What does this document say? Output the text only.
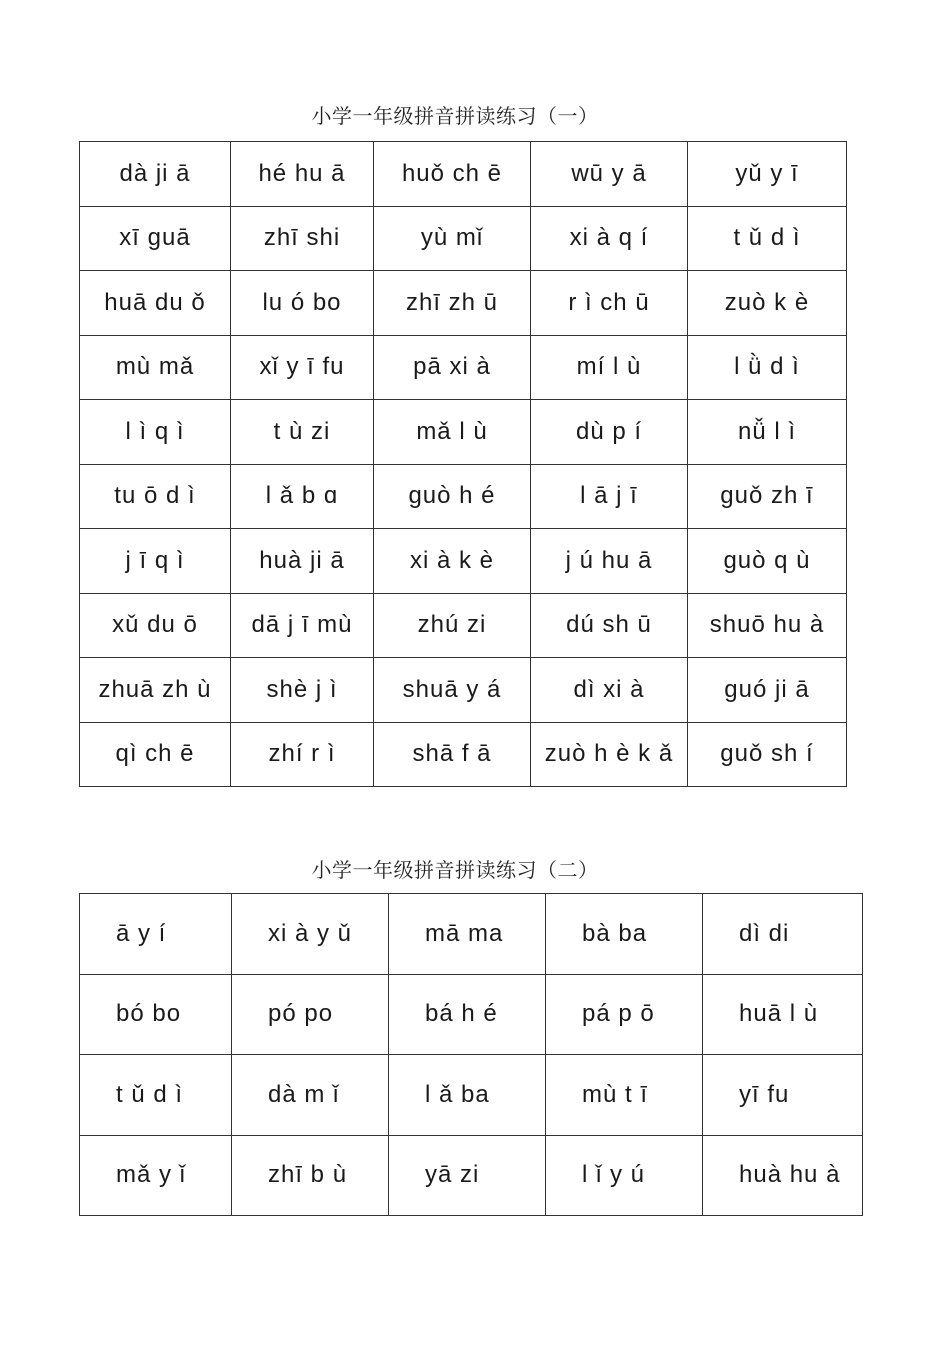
小学一年级拼音拼读练习（一）
dà ji ā	hé hu ā	huǒ ch ē	wū y ā	yǔ y ī
xī guā	zhī shi	yù mǐ	xi à q í	t ǔ d ì
huā du ǒ	lu ó bo	zhī zh ū	r ì ch ū	zuò k è
mù mǎ	xǐ y ī fu	pā xi à	mí l ù	l ǜ d ì
l ì q ì	t ù zi	mǎ l ù	dù p í	nǚ l ì
tu ō d ì	l ǎ b ɑ	guò h é	l ā j ī	guǒ zh ī
j ī q ì	huà ji ā	xi à k è	j ú hu ā	guò q ù
xǔ du ō	dā j ī mù	zhú zi	dú sh ū	shuō hu à
zhuā zh ù	shè j ì	shuā y á	dì xi à	guó ji ā
qì ch ē	zhí r ì	shā f ā	zuò h è k ǎ	guǒ sh í
小学一年级拼音拼读练习（二）
ā y í	xi à y ǔ	mā ma	bà ba	dì di
bó bo	pó po	bá h é	pá p ō	huā l ù
t ǔ d ì	dà m ǐ	l ǎ ba	mù t ī	yī fu
mǎ y ǐ	zhī b ù	yā zi	l ǐ y ú	huà hu à
